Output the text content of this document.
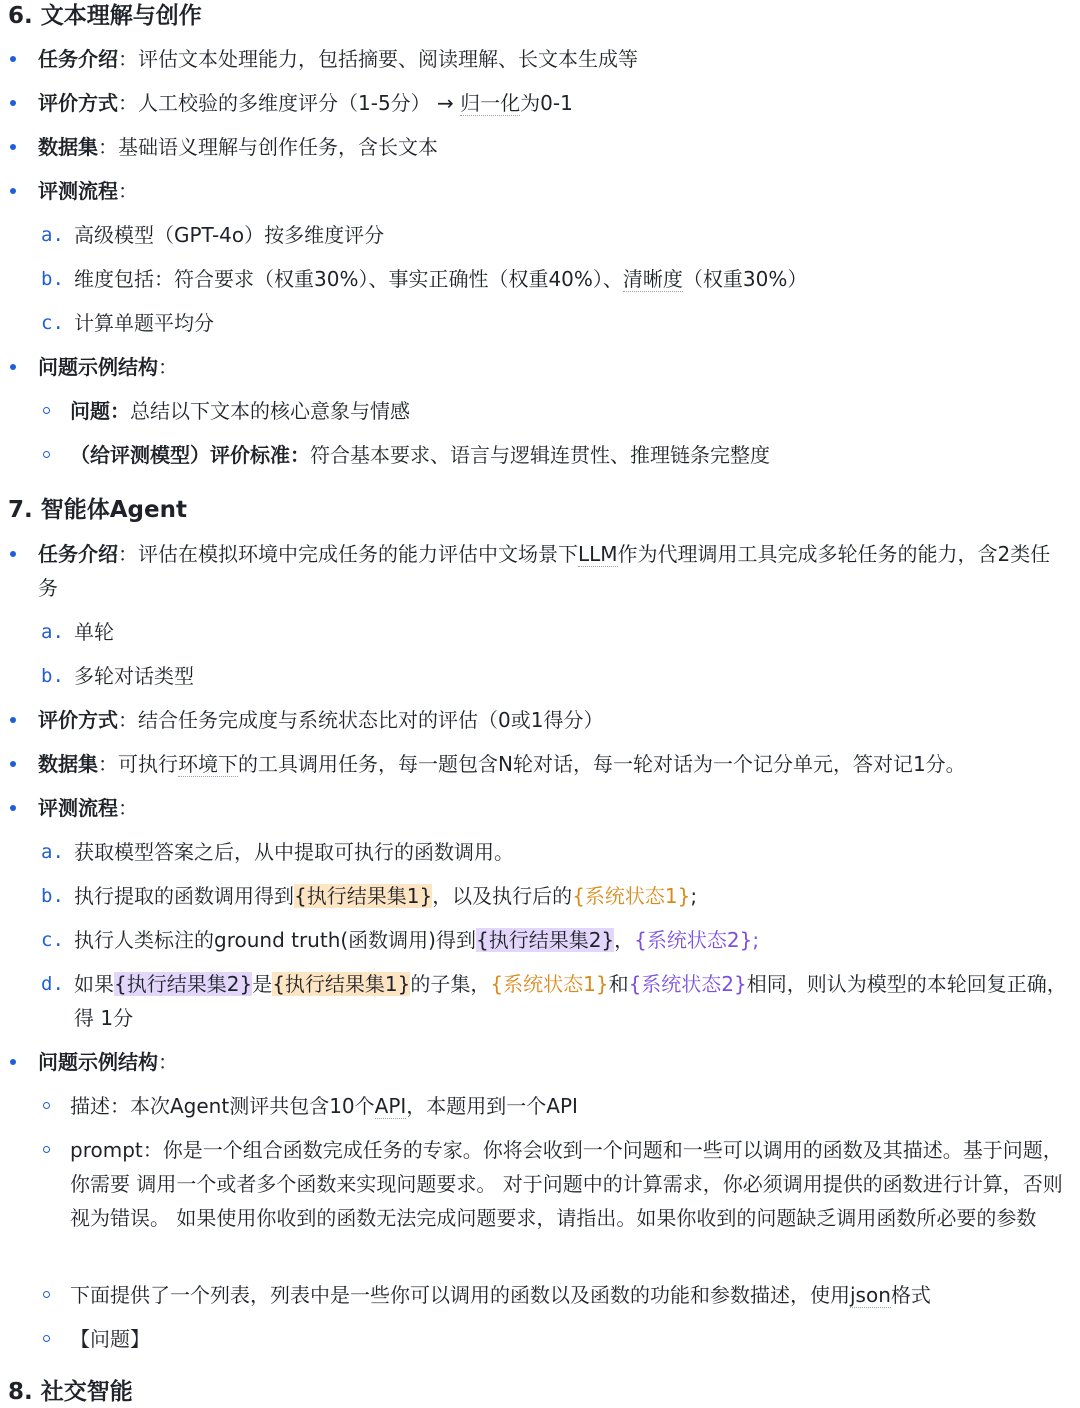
6. 文本理解与创作
任务介绍：评估文本处理能力，包括摘要、阅读理解、长文本生成等
评价方式：人工校验的多维度评分（1-5分） → 归一化为0-1
数据集：基础语义理解与创作任务，含长文本
评测流程：
a. 高级模型（GPT-4o）按多维度评分
b. 维度包括：符合要求（权重30%）、事实正确性（权重40%）、清晰度（权重30%）
c. 计算单题平均分
问题示例结构：
问题：总结以下文本的核心意象与情感
（给评测模型）评价标准：符合基本要求、语言与逻辑连贯性、推理链条完整度
7. 智能体Agent
任务介绍：评估在模拟环境中完成任务的能力评估中文场景下LLM作为代理调用工具完成多轮任务的能力，含2类任务
a. 单轮
b. 多轮对话类型
评价方式：结合任务完成度与系统状态比对的评估（0或1得分）
数据集：可执行环境下的工具调用任务，每一题包含N轮对话，每一轮对话为一个记分单元，答对记1分。
评测流程：
a. 获取模型答案之后，从中提取可执行的函数调用。
b. 执行提取的函数调用得到{执行结果集1}，以及执行后的{系统状态1};
c. 执行人类标注的ground truth(函数调用)得到{执行结果集2}，{系统状态2};
d. 如果{执行结果集2}是{执行结果集1}的子集，{系统状态1}和{系统状态2}相同，则认为模型的本轮回复正确，得 1分
问题示例结构：
描述：本次Agent测评共包含10个API，本题用到一个API
prompt：你是一个组合函数完成任务的专家。你将会收到一个问题和一些可以调用的函数及其描述。基于问题，你需要 调用一个或者多个函数来实现问题要求。 对于问题中的计算需求，你必须调用提供的函数进行计算，否则视为错误。 如果使用你收到的函数无法完成问题要求，请指出。如果你收到的问题缺乏调用函数所必要的参数
下面提供了一个列表，列表中是一些你可以调用的函数以及函数的功能和参数描述，使用json格式
【问题】
8. 社交智能
